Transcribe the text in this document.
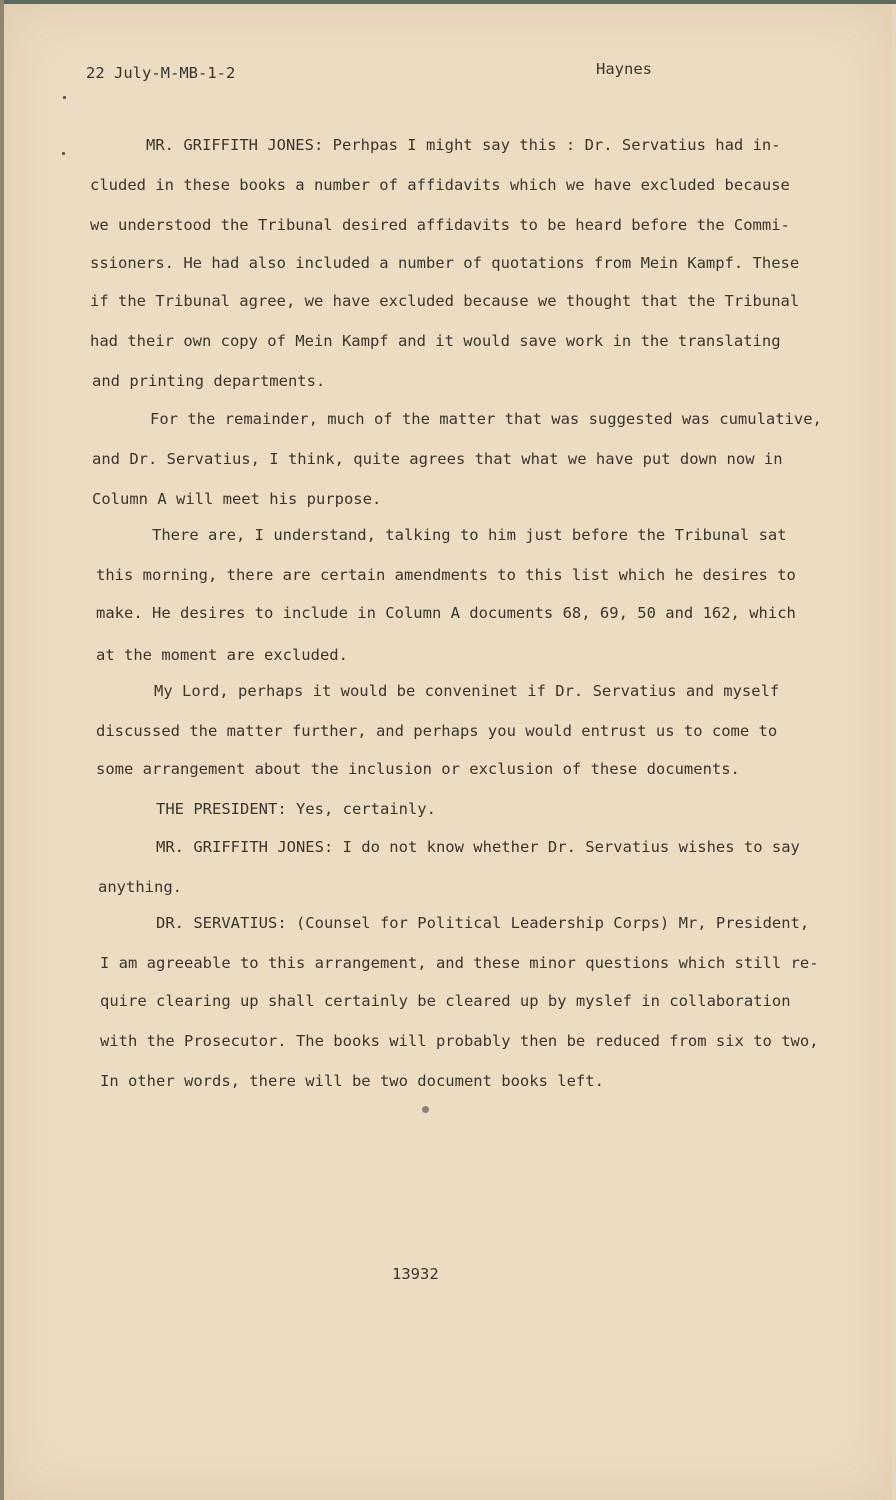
22 July-M-MB-1-2	Haynes

MR. GRIFFITH JONES: Perhpas I might say this : Dr. Servatius had in-

cluded in these books a number of affidavits which we have excluded because

we understood the Tribunal desired affidavits to be heard before the Commi-

ssioners. He had also included a number of quotations from Mein Kampf. These

if the Tribunal agree, we have excluded because we thought that the Tribunal

had their own copy of Mein Kampf and it would save work in the translating

and printing departments.

For the remainder, much of the matter that was suggested was cumulative,

and Dr. Servatius, I think, quite agrees that what we have put down now in

Column A will meet his purpose.

There are, I understand, talking to him just before the Tribunal sat

this morning, there are certain amendments to this list which he desires to

make. He desires to include in Column A documents 68, 69, 50 and 162, which

at the moment are excluded.

My Lord, perhaps it would be conveninet if Dr. Servatius and myself

discussed the matter further, and perhaps you would entrust us to come to

some arrangement about the inclusion or exclusion of these documents.

THE PRESIDENT: Yes, certainly.

MR. GRIFFITH JONES: I do not know whether Dr. Servatius wishes to say

anything.

DR. SERVATIUS: (Counsel for Political Leadership Corps) Mr, President,

I am agreeable to this arrangement, and these minor questions which still re-

quire clearing up shall certainly be cleared up by myslef in collaboration

with the Prosecutor. The books will probably then be reduced from six to two,

In other words, there will be two document books left.

13932
